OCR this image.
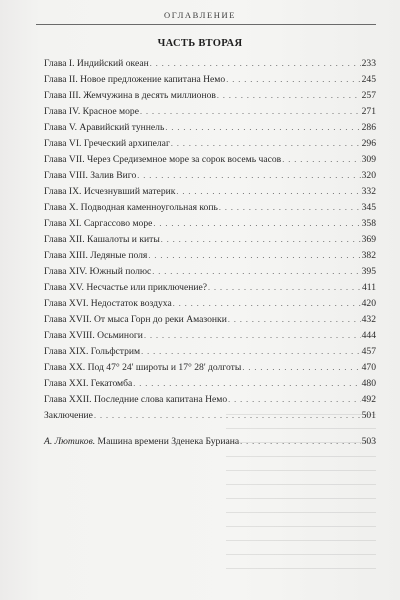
ОГЛАВЛЕНИЕ
ЧАСТЬ ВТОРАЯ
Глава I. Индийский океан . . .	233
Глава II. Новое предложение капитана Немо . . .	245
Глава III. Жемчужина в десять миллионов . . .	257
Глава IV. Красное море . . .	271
Глава V. Аравийский туннель . . .	286
Глава VI. Греческий архипелаг . . .	296
Глава VII. Через Средиземное море за сорок восемь часов . . .	309
Глава VIII. Залив Виго . . .	320
Глава IX. Исчезнувший материк . . .	332
Глава X. Подводная каменноугольная копь . . .	345
Глава XI. Саргассово море . . .	358
Глава XII. Кашалоты и киты . . .	369
Глава XIII. Ледяные поля . . .	382
Глава XIV. Южный полюс . . .	395
Глава XV. Несчастье или приключение? . . .	411
Глава XVI. Недостаток воздуха . . .	420
Глава XVII. От мыса Горн до реки Амазонки . . .	432
Глава XVIII. Осьминоги . . .	444
Глава XIX. Гольфстрим . . .	457
Глава XX. Под 47° 24' широты и 17° 28' долготы . . .	470
Глава XXI. Гекатомба . . .	480
Глава XXII. Последние слова капитана Немо . . .	492
Заключение . . .	501
А. Лютиков. Машина времени Зденека Буриана . . .	503
